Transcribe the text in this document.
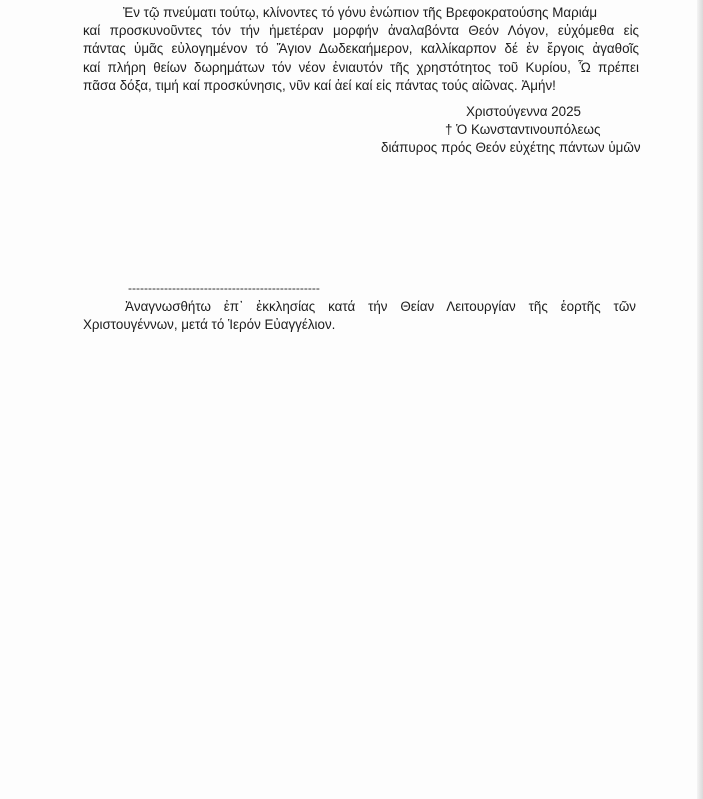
Ἐν τῷ πνεύματι τούτῳ, κλίνοντες τό γόνυ ἐνώπιον τῆς Βρεφοκρατούσης Μαριάμ
καί προσκυνοῦντες τόν τήν ἡμετέραν μορφήν ἀναλαβόντα Θεόν Λόγον, εὐχόμεθα εἰς
πάντας ὑμᾶς εὐλογημένον τό Ἅγιον Δωδεκαήμερον, καλλίκαρπον δέ ἐν ἔργοις ἀγαθοῖς
καί πλήρη θείων δωρημάτων τόν νέον ἐνιαυτόν τῆς χρηστότητος τοῦ Κυρίου, Ὧ πρέπει
πᾶσα δόξα, τιμή καί προσκύνησις, νῦν καί ἀεί καί εἰς πάντας τούς αἰῶνας. Ἀμήν!
Χριστούγεννα 2025
† Ὁ Κωνσταντινουπόλεως
διάπυρος πρός Θεόν εὐχέτης πάντων ὑμῶν
------------------------------------------------
Ἀναγνωσθήτω ἐπ᾽ ἐκκλησίας κατά τήν Θείαν Λειτουργίαν τῆς ἑορτῆς τῶν
Χριστουγέννων, μετά τό Ἱερόν Εὐαγγέλιον.
